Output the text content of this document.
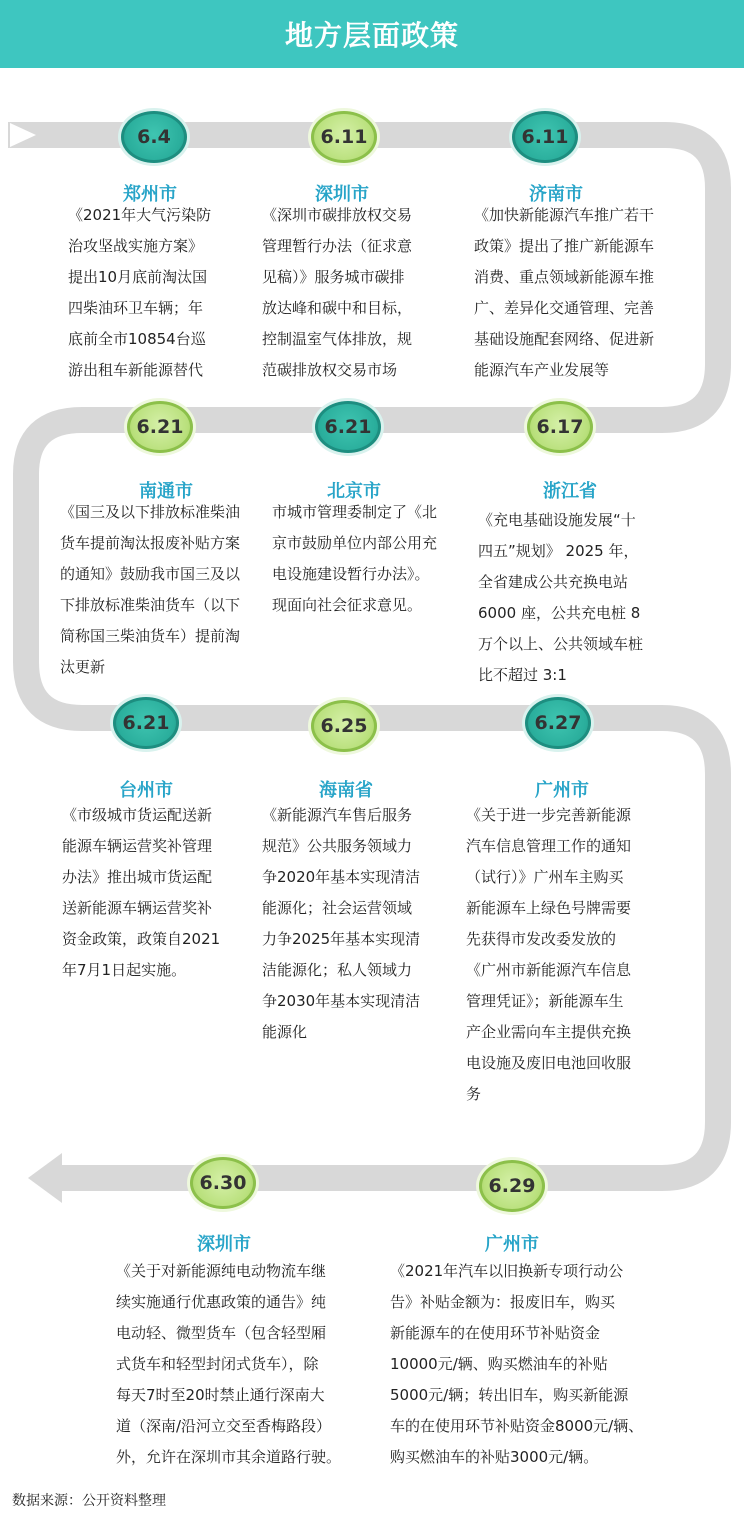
地方层面政策
6.4
郑州市
《2021年大气污染防
治攻坚战实施方案》
提出10月底前淘汰国
四柴油环卫车辆；年
底前全市10854台巡
游出租车新能源替代
6.11
深圳市
《深圳市碳排放权交易
管理暂行办法（征求意
见稿）》服务城市碳排
放达峰和碳中和目标，
控制温室气体排放，规
范碳排放权交易市场
6.11
济南市
《加快新能源汽车推广若干
政策》提出了推广新能源车
消费、重点领域新能源车推
广、差异化交通管理、完善
基础设施配套网络、促进新
能源汽车产业发展等
6.21
南通市
《国三及以下排放标准柴油
货车提前淘汰报废补贴方案
的通知》鼓励我市国三及以
下排放标准柴油货车（以下
简称国三柴油货车）提前淘
汰更新
6.21
北京市
市城市管理委制定了《北
京市鼓励单位内部公用充
电设施建设暂行办法》。
现面向社会征求意见。
6.17
浙江省
《充电基础设施发展“十
四五”规划》 2025 年，
全省建成公共充换电站
6000 座，公共充电桩 8
万个以上、公共领域车桩
比不超过 3:1
6.21
台州市
《市级城市货运配送新
能源车辆运营奖补管理
办法》推出城市货运配
送新能源车辆运营奖补
资金政策，政策自2021
年7月1日起实施。
6.25
海南省
《新能源汽车售后服务
规范》公共服务领域力
争2020年基本实现清洁
能源化；社会运营领域
力争2025年基本实现清
洁能源化；私人领域力
争2030年基本实现清洁
能源化
6.27
广州市
《关于进一步完善新能源
汽车信息管理工作的通知
（试行）》广州车主购买
新能源车上绿色号牌需要
先获得市发改委发放的
《广州市新能源汽车信息
管理凭证》；新能源车生
产企业需向车主提供充换
电设施及废旧电池回收服
务
6.30
深圳市
《关于对新能源纯电动物流车继
续实施通行优惠政策的通告》纯
电动轻、微型货车（包含轻型厢
式货车和轻型封闭式货车），除
每天7时至20时禁止通行深南大
道（深南/沿河立交至香梅路段）
外，允许在深圳市其余道路行驶。
6.29
广州市
《2021年汽车以旧换新专项行动公
告》补贴金额为：报废旧车，购买
新能源车的在使用环节补贴资金
10000元/辆、购买燃油车的补贴
5000元/辆；转出旧车，购买新能源
车的在使用环节补贴资金8000元/辆、
购买燃油车的补贴3000元/辆。
数据来源：公开资料整理
